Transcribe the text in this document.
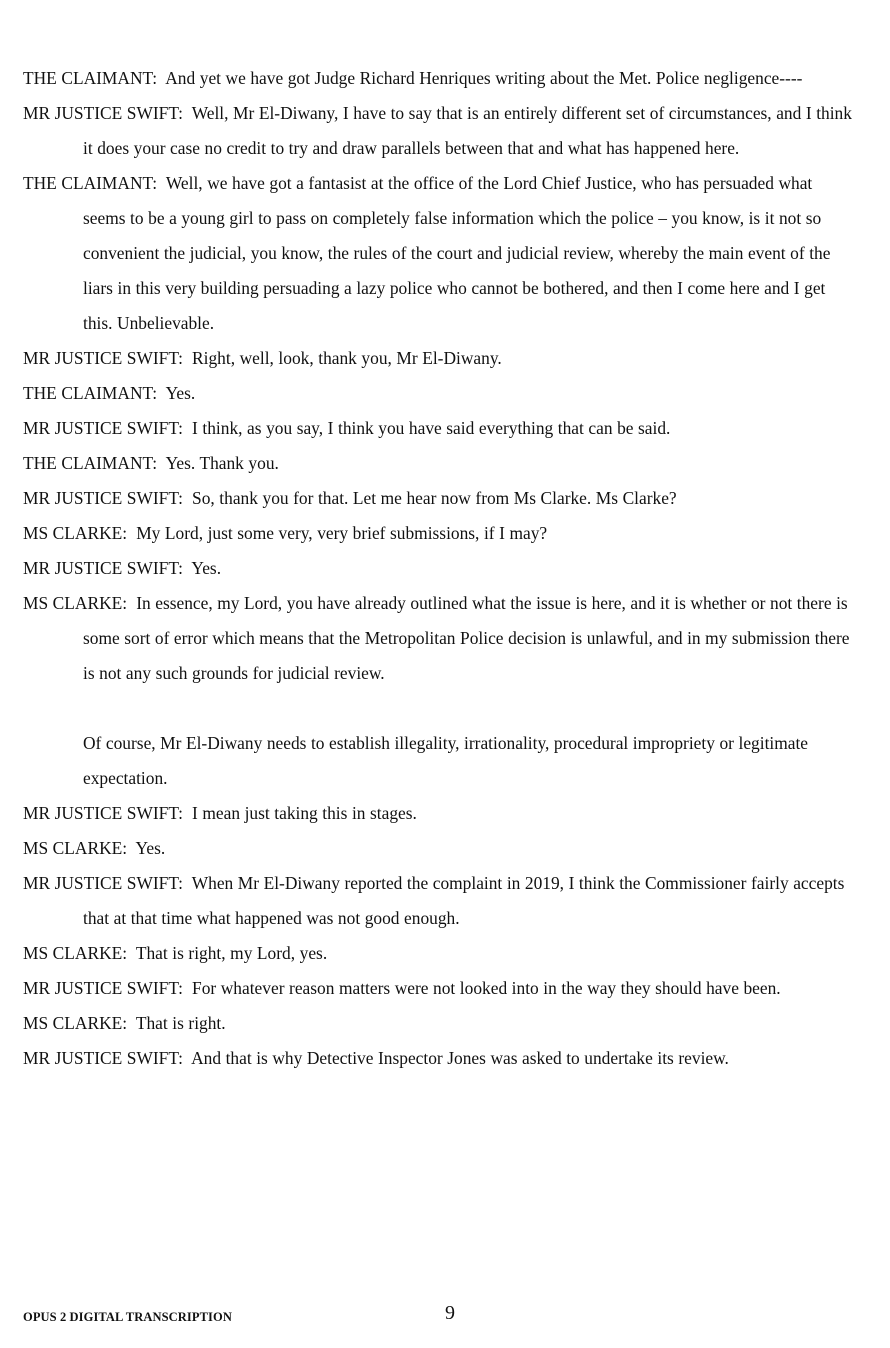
THE CLAIMANT: And yet we have got Judge Richard Henriques writing about the Met. Police negligence----

MR JUSTICE SWIFT: Well, Mr El-Diwany, I have to say that is an entirely different set of circumstances, and I think it does your case no credit to try and draw parallels between that and what has happened here.

THE CLAIMANT: Well, we have got a fantasist at the office of the Lord Chief Justice, who has persuaded what seems to be a young girl to pass on completely false information which the police – you know, is it not so convenient the judicial, you know, the rules of the court and judicial review, whereby the main event of the liars in this very building persuading a lazy police who cannot be bothered, and then I come here and I get this. Unbelievable.

MR JUSTICE SWIFT: Right, well, look, thank you, Mr El-Diwany.

THE CLAIMANT: Yes.

MR JUSTICE SWIFT: I think, as you say, I think you have said everything that can be said.

THE CLAIMANT: Yes. Thank you.

MR JUSTICE SWIFT: So, thank you for that. Let me hear now from Ms Clarke. Ms Clarke?

MS CLARKE: My Lord, just some very, very brief submissions, if I may?

MR JUSTICE SWIFT: Yes.

MS CLARKE: In essence, my Lord, you have already outlined what the issue is here, and it is whether or not there is some sort of error which means that the Metropolitan Police decision is unlawful, and in my submission there is not any such grounds for judicial review.

Of course, Mr El-Diwany needs to establish illegality, irrationality, procedural impropriety or legitimate expectation.

MR JUSTICE SWIFT: I mean just taking this in stages.

MS CLARKE: Yes.

MR JUSTICE SWIFT: When Mr El-Diwany reported the complaint in 2019, I think the Commissioner fairly accepts that at that time what happened was not good enough.

MS CLARKE: That is right, my Lord, yes.

MR JUSTICE SWIFT: For whatever reason matters were not looked into in the way they should have been.

MS CLARKE: That is right.

MR JUSTICE SWIFT: And that is why Detective Inspector Jones was asked to undertake its review.

OPUS 2 DIGITAL TRANSCRIPTION	9
